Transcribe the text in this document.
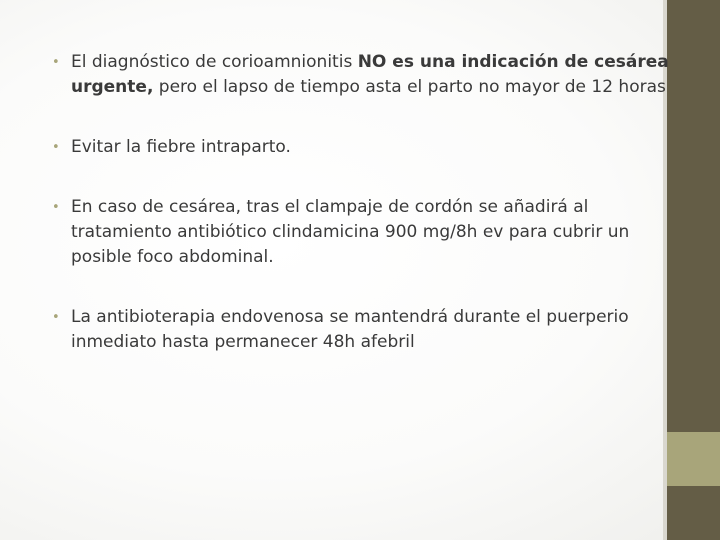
• El diagnóstico de corioamnionitis NO es una indicación de cesárea urgente, pero el lapso de tiempo asta el parto no mayor de 12 horas
• Evitar la fiebre intraparto.
• En caso de cesárea, tras el clampaje de cordón se añadirá al tratamiento antibiótico clindamicina 900 mg/8h ev para cubrir un posible foco abdominal.
• La antibioterapia endovenosa se mantendrá durante el puerperio inmediato hasta permanecer 48h afebril
